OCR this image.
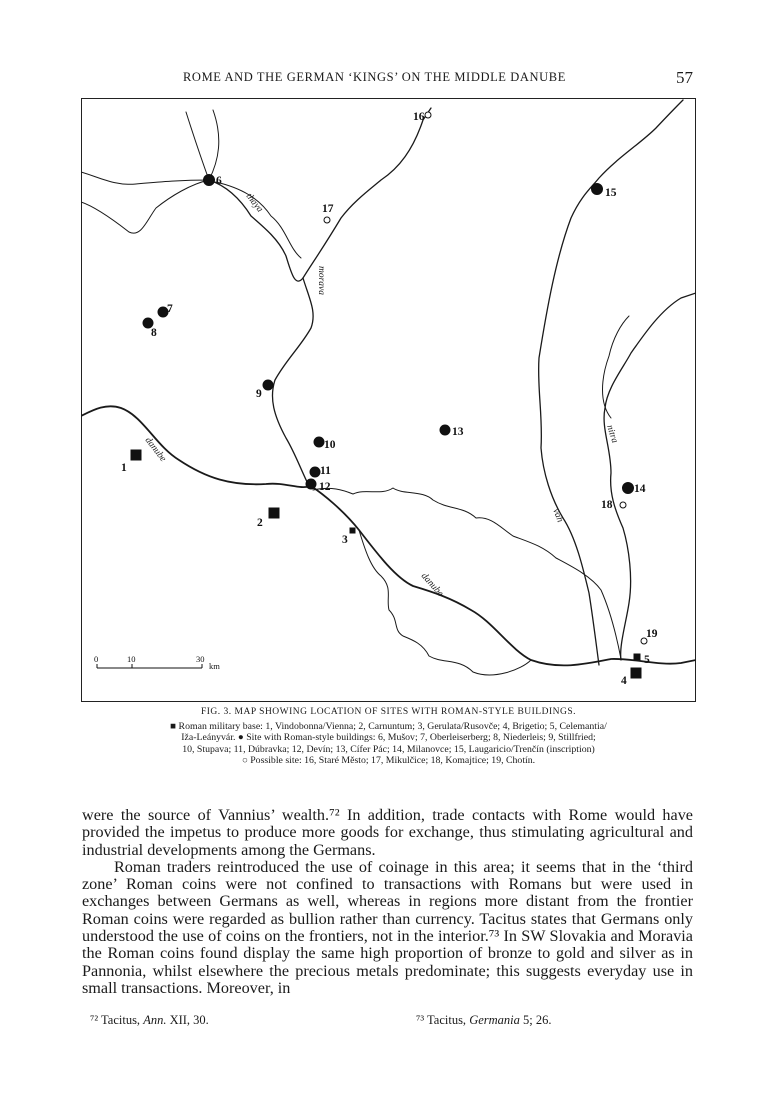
ROME AND THE GERMAN ‘KINGS’ ON THE MIDDLE DANUBE	57
thaya
morava
danube
danube
vah
nitra
1
2
3
4
5
6
7
8
9
10
11
12
13
14
15
16
17
18
19
0	10	30
km
FIG. 3. MAP SHOWING LOCATION OF SITES WITH ROMAN-STYLE BUILDINGS.
■ Roman military base: 1, Vindobonna/Vienna; 2, Carnuntum; 3, Gerulata/Rusovče; 4, Brigetio; 5, Celemantia/
Iža-Leányvár. ● Site with Roman-style buildings: 6, Mušov; 7, Oberleiserberg; 8, Niederleis; 9, Stillfried;
10, Stupava; 11, Dúbravka; 12, Devín; 13, Cífer Pác; 14, Milanovce; 15, Laugaricio/Trenčín (inscription)
○ Possible site: 16, Staré Město; 17, Mikulčice; 18, Komajtice; 19, Chotín.

were the source of Vannius’ wealth.⁷² In addition, trade contacts with Rome would have provided the impetus to produce more goods for exchange, thus stimulating agricultural and industrial developments among the Germans.

Roman traders reintroduced the use of coinage in this area; it seems that in the ‘third zone’ Roman coins were not confined to transactions with Romans but were used in exchanges between Germans as well, whereas in regions more distant from the frontier Roman coins were regarded as bullion rather than currency. Tacitus states that Germans only understood the use of coins on the frontiers, not in the interior.⁷³ In SW Slovakia and Moravia the Roman coins found display the same high proportion of bronze to gold and silver as in Pannonia, whilst elsewhere the precious metals predominate; this suggests everyday use in small transactions. Moreover, in

⁷² Tacitus, Ann. XII, 30.	⁷³ Tacitus, Germania 5; 26.
